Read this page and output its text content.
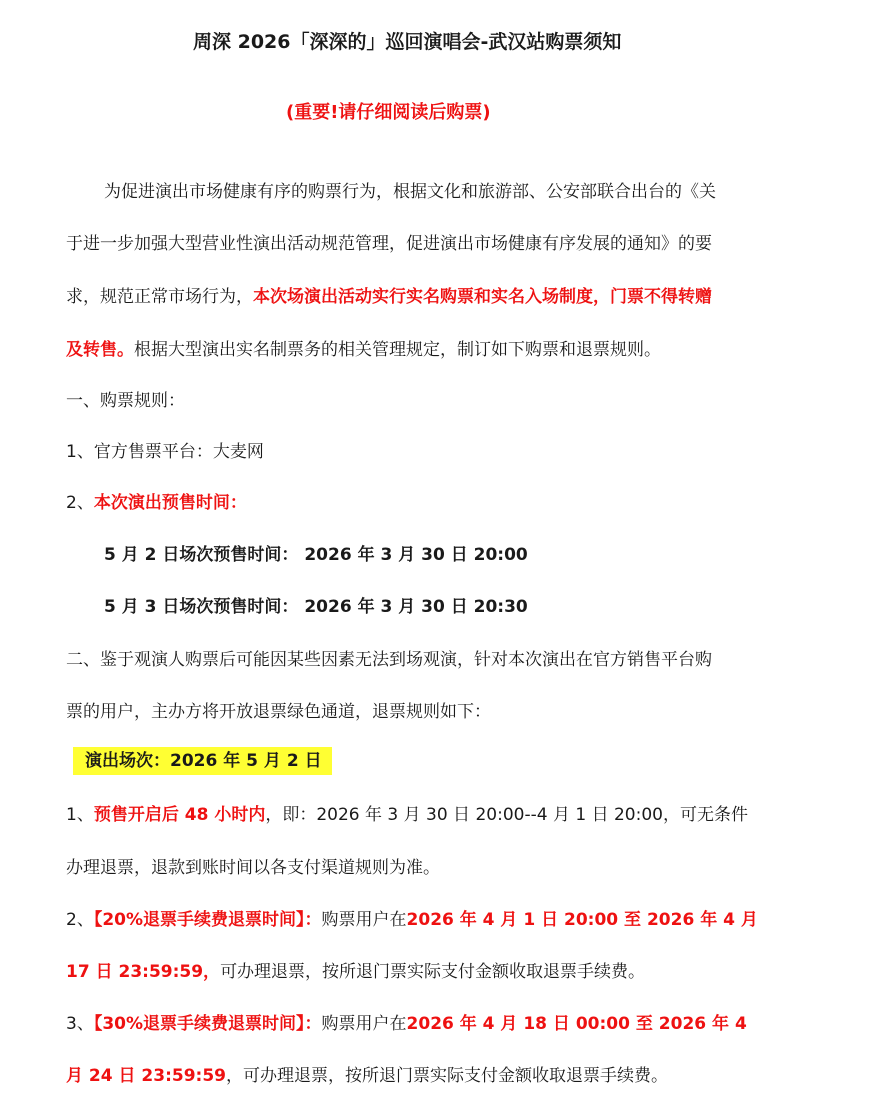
周深 2026「深深的」巡回演唱会-武汉站购票须知
(重要!请仔细阅读后购票)
为促进演出市场健康有序的购票行为，根据文化和旅游部、公安部联合出台的《关
于进一步加强大型营业性演出活动规范管理，促进演出市场健康有序发展的通知》的要
求，规范正常市场行为，本次场演出活动实行实名购票和实名入场制度，门票不得转赠
及转售。根据大型演出实名制票务的相关管理规定，制订如下购票和退票规则。
一、购票规则：
1、官方售票平台：大麦网
2、本次演出预售时间：
5 月 2 日场次预售时间： 2026 年 3 月 30 日 20:00
5 月 3 日场次预售时间： 2026 年 3 月 30 日 20:30
二、鉴于观演人购票后可能因某些因素无法到场观演，针对本次演出在官方销售平台购
票的用户，主办方将开放退票绿色通道，退票规则如下：
演出场次：2026 年 5 月 2 日
1、预售开启后 48 小时内，即：2026 年 3 月 30 日 20:00--4 月 1 日 20:00，可无条件
办理退票，退款到账时间以各支付渠道规则为准。
2、【20%退票手续费退票时间】：购票用户在2026 年 4 月 1 日 20:00 至 2026 年 4 月
17 日 23:59:59，可办理退票，按所退门票实际支付金额收取退票手续费。
3、【30%退票手续费退票时间】：购票用户在2026 年 4 月 18 日 00:00 至 2026 年 4
月 24 日 23:59:59，可办理退票，按所退门票实际支付金额收取退票手续费。
